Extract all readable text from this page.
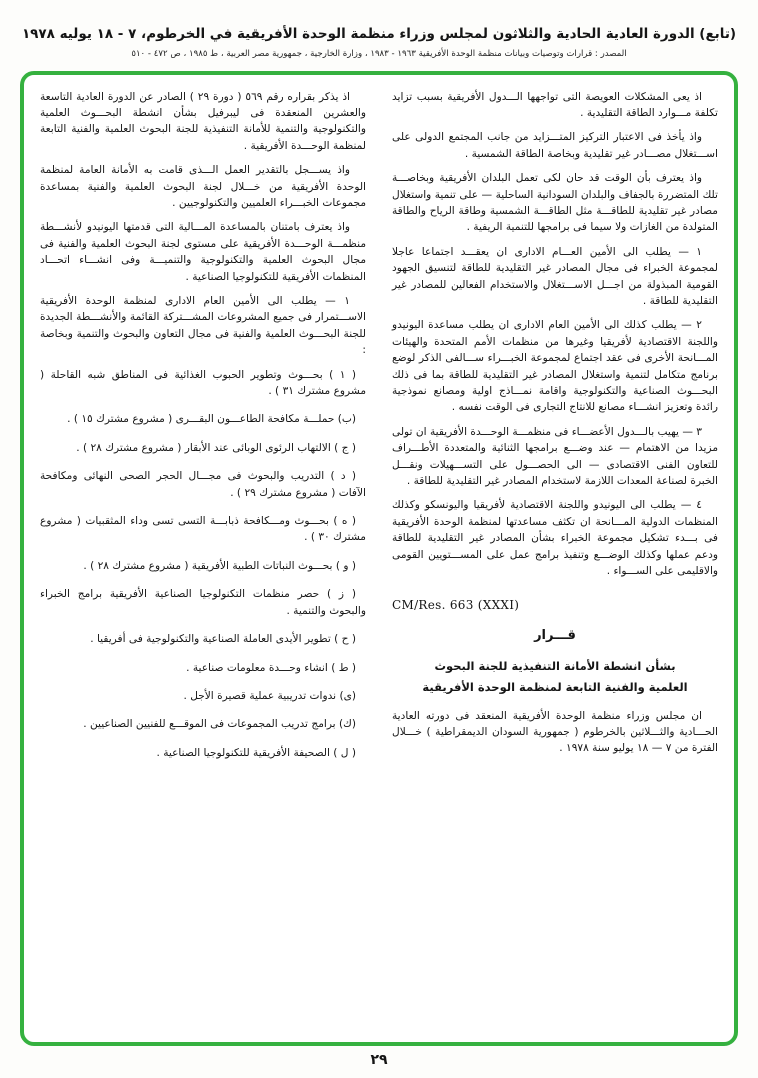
(تابع) الدورة العادية الحادية والثلاثون لمجلس وزراء منظمة الوحدة الأفريقية في الخرطوم، ٧ - ١٨ يوليه ١٩٧٨
المصدر : قرارات وتوصيات وبيانات منظمة الوحدة الأفريقية ١٩٦٣ - ١٩٨٣ ، وزارة الخارجية ، جمهورية مصر العربية ، ط ١٩٨٥ ، ص ٤٧٢ - ٥١٠

اذ يعى المشكلات العويصة التى تواجهها الـــدول الأفريقية بسبب تزايد تكلفة مـــوارد الطاقة التقليدية .

واذ يأخذ فى الاعتبار التركيز المتـــزايد من جانب المجتمع الدولى على اســـتغلال مصـــادر غير تقليدية وبخاصة الطاقة الشمسية .

واذ يعترف بأن الوقت قد حان لكى تعمل البلدان الأفريقية وبخاصـــة تلك المتضررة بالجفاف والبلدان السودانية الساحلية — على تنمية واستغلال مصادر غير تقليدية للطاقـــة مثل الطاقـــة الشمسية وطاقة الرياح والطاقة المتولدة من الغازات ولا سيما فى برامجها للتنمية الريفية .

١ — يطلب الى الأمين العـــام الادارى ان يعقـــد اجتماعا عاجلا لمجموعة الخبراء فى مجال المصادر غير التقليدية للطاقة لتنسيق الجهود القومية المبذولة من اجـــل الاســـتغلال والاستخدام الفعالين للمصادر غير التقليدية للطاقة .

٢ — يطلب كذلك الى الأمين العام الادارى ان يطلب مساعدة اليونيدو واللجنة الاقتصادية لأفريقيا وغيرها من منظمات الأمم المتحدة والهيئات المـــانحة الأخرى فى عقد اجتماع لمجموعة الخبـــراء ســـالفى الذكر لوضع برنامج متكامل لتنمية واستغلال المصادر غير التقليدية للطاقة بما فى ذلك البحـــوث الصناعية والتكنولوجية واقامة نمـــاذج اولية ومصانع نموذجية رائدة وتعزيز انشـــاء مصانع للانتاج التجارى فى الوقت نفسه .

٣ — يهيب بالـــدول الأعضـــاء فى منظمـــة الوحـــدة الأفريقية ان تولى مزيدا من الاهتمام — عند وضـــع برامجها الثنائية والمتعددة الأطـــراف للتعاون الفنى الاقتصادى — الى الحصـــول على التســـهيلات ونقـــل الخبرة لصناعة المعدات اللازمة لاستخدام المصادر غير التقليدية للطاقة .

٤ — يطلب الى اليونيدو واللجنة الاقتصادية لأفريقيا واليونسكو وكذلك المنظمات الدولية المـــانحة ان تكثف مساعدتها لمنظمة الوحدة الأفريقية فى بـــدء تشكيل مجموعة الخبراء بشأن المصادر غير التقليدية للطاقة ودعم عملها وكذلك الوضـــع وتنفيذ برامج عمل على المســـتويين القومى والاقليمى على الســـواء .

CM/Res. 663 (XXXI)
قـــرار
بشأن انشطة الأمانة التنفيذية للجنة البحوث العلمية والفنية التابعة لمنظمة الوحدة الأفريقية

ان مجلس وزراء منظمة الوحدة الأفريقية المنعقد فى دورته العادية الحـــادية والثـــلاثين بالخرطوم ( جمهورية السودان الديمقراطية ) خـــلال الفترة من ٧ — ١٨ يوليو سنة ١٩٧٨ .

اذ يذكر بقراره رقم ٥٦٩ ( دورة ٢٩ ) الصادر عن الدورة العادية التاسعة والعشرين المنعقدة فى ليبرفيل بشأن انشطة البحـــوث العلمية والتكنولوجية والتنمية للأمانة التنفيذية للجنة البحوث العلمية والفنية التابعة لمنظمة الوحـــدة الأفريقية .

واذ يســـجل بالتقدير العمل الـــذى قامت به الأمانة العامة لمنظمة الوحدة الأفريقية من خـــلال لجنة البحوث العلمية والفنية بمساعدة مجموعات الخبـــراء العلميين والتكنولوجيين .

واذ يعترف بامتنان بالمساعدة المـــالية التى قدمتها اليونيدو لأنشـــطة منظمـــة الوحـــدة الأفريقية على مستوى لجنة البحوث العلمية والفنية فى مجال البحوث العلمية والتكنولوجية والتنميـــة وفى انشـــاء اتحـــاد المنظمات الأفريقية للتكنولوجيا الصناعية .

١ — يطلب الى الأمين العام الادارى لمنظمة الوحدة الأفريقية الاســـتمرار فى جميع المشروعات المشـــتركة القائمة والأنشـــطة الجديدة للجنة البحـــوث العلمية والفنية فى مجال التعاون والبحوث والتنمية وبخاصة :

( ١ ) بحـــوث وتطوير الحبوب الغذائية فى المناطق شبه القاحلة ( مشروع مشترك ٣١ ) .

(ب) حملـــة مكافحة الطاعـــون البقـــرى ( مشروع مشترك ١٥ ) .

( ج ) الالتهاب الرئوى الوبائى عند الأبقار ( مشروع مشترك ٢٨ ) .

( د ) التدريب والبحوث فى مجـــال الحجر الصحى النهائى ومكافحة الآفات ( مشروع مشترك ٢٩ ) .

( ه ) بحـــوث ومـــكافحة ذبابـــة التسى تسى وداء المثقبيات ( مشروع مشترك ٣٠ ) .

( و ) بحـــوث النباتات الطبية الأفريقية ( مشروع مشترك ٢٨ ) .

( ز ) حصر منظمات التكنولوجيا الصناعية الأفريقية برامج الخبراء والبحوث والتنمية .

( ح ) تطوير الأيدى العاملة الصناعية والتكنولوجية فى أفريقيا .

( ط ) انشاء وحـــدة معلومات صناعية .

(ى) ندوات تدريبية عملية قصيرة الأجل .

(ك) برامج تدريب المجموعات فى الموقـــع للفنيين الصناعيين .

( ل ) الصحيفة الأفريقية للتكنولوجيا الصناعية .

٢٩
